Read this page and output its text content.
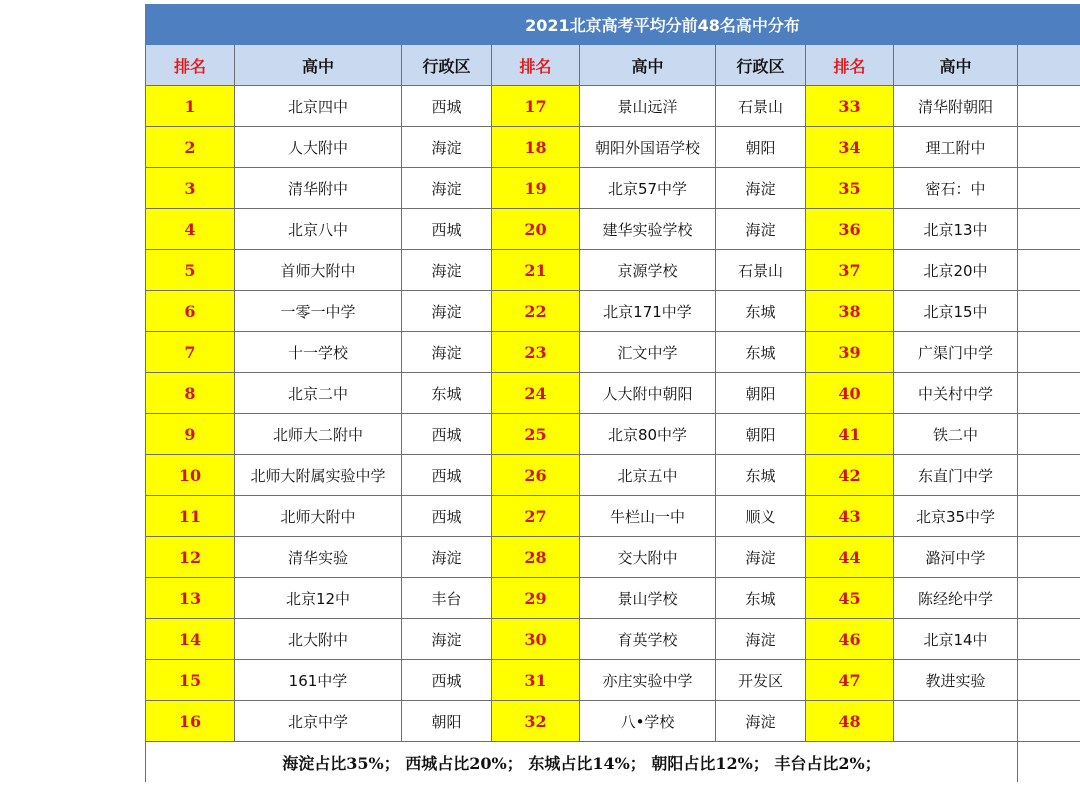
2021北京高考平均分前48名高中分布								
排名	高中	行政区	排名	高中	行政区	排名	高中	
1	北京四中	西城	17	景山远洋	石景山	33	清华附朝阳	
2	人大附中	海淀	18	朝阳外国语学校	朝阳	34	理工附中	
3	清华附中	海淀	19	北京57中学	海淀	35	密石：中	
4	北京八中	西城	20	建华实验学校	海淀	36	北京13中	
5	首师大附中	海淀	21	京源学校	石景山	37	北京20中	
6	一零一中学	海淀	22	北京171中学	东城	38	北京15中	
7	十一学校	海淀	23	汇文中学	东城	39	广渠门中学	
8	北京二中	东城	24	人大附中朝阳	朝阳	40	中关村中学	
9	北师大二附中	西城	25	北京80中学	朝阳	41	铁二中	
10	北师大附属实验中学	西城	26	北京五中	东城	42	东直门中学	
11	北师大附中	西城	27	牛栏山一中	顺义	43	北京35中学	
12	清华实验	海淀	28	交大附中	海淀	44	潞河中学	
13	北京12中	丰台	29	景山学校	东城	45	陈经纶中学	
14	北大附中	海淀	30	育英学校	海淀	46	北京14中	
15	161中学	西城	31	亦庄实验中学	开发区	47	教进实验	
16	北京中学	朝阳	32	八•学校	海淀	48		
海淀占比35%； 西城占比20%； 东城占比14%； 朝阳占比12%； 丰台占比2%；								
